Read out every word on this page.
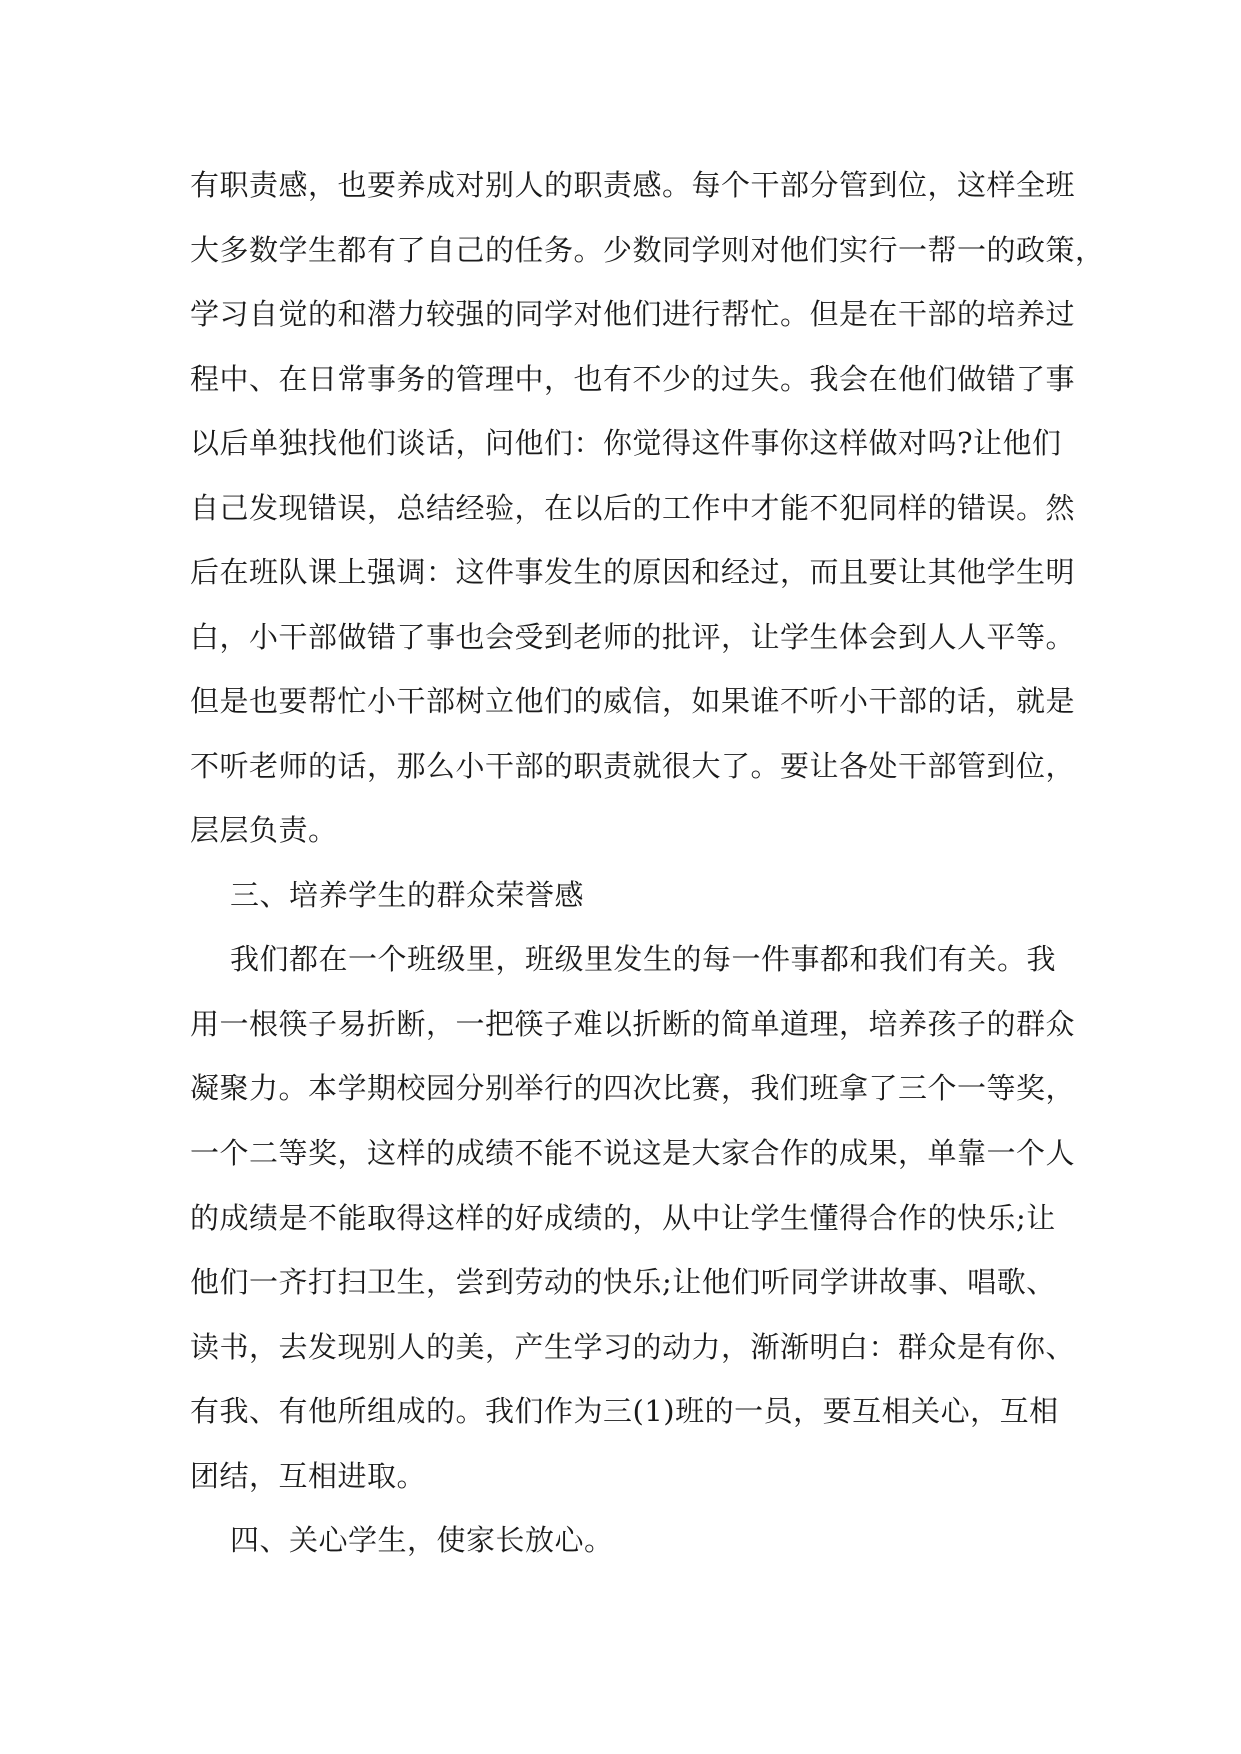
有职责感，也要养成对别人的职责感。每个干部分管到位，这样全班
大多数学生都有了自己的任务。少数同学则对他们实行一帮一的政策，
学习自觉的和潜力较强的同学对他们进行帮忙。但是在干部的培养过
程中、在日常事务的管理中，也有不少的过失。我会在他们做错了事
以后单独找他们谈话，问他们：你觉得这件事你这样做对吗?让他们
自己发现错误，总结经验，在以后的工作中才能不犯同样的错误。然
后在班队课上强调：这件事发生的原因和经过，而且要让其他学生明
白，小干部做错了事也会受到老师的批评，让学生体会到人人平等。
但是也要帮忙小干部树立他们的威信，如果谁不听小干部的话，就是
不听老师的话，那么小干部的职责就很大了。要让各处干部管到位，
层层负责。
三、培养学生的群众荣誉感
我们都在一个班级里，班级里发生的每一件事都和我们有关。我
用一根筷子易折断，一把筷子难以折断的简单道理，培养孩子的群众
凝聚力。本学期校园分别举行的四次比赛，我们班拿了三个一等奖，
一个二等奖，这样的成绩不能不说这是大家合作的成果，单靠一个人
的成绩是不能取得这样的好成绩的，从中让学生懂得合作的快乐;让
他们一齐打扫卫生，尝到劳动的快乐;让他们听同学讲故事、唱歌、
读书，去发现别人的美，产生学习的动力，渐渐明白：群众是有你、
有我、有他所组成的。我们作为三(1)班的一员，要互相关心，互相
团结，互相进取。
四、关心学生，使家长放心。
